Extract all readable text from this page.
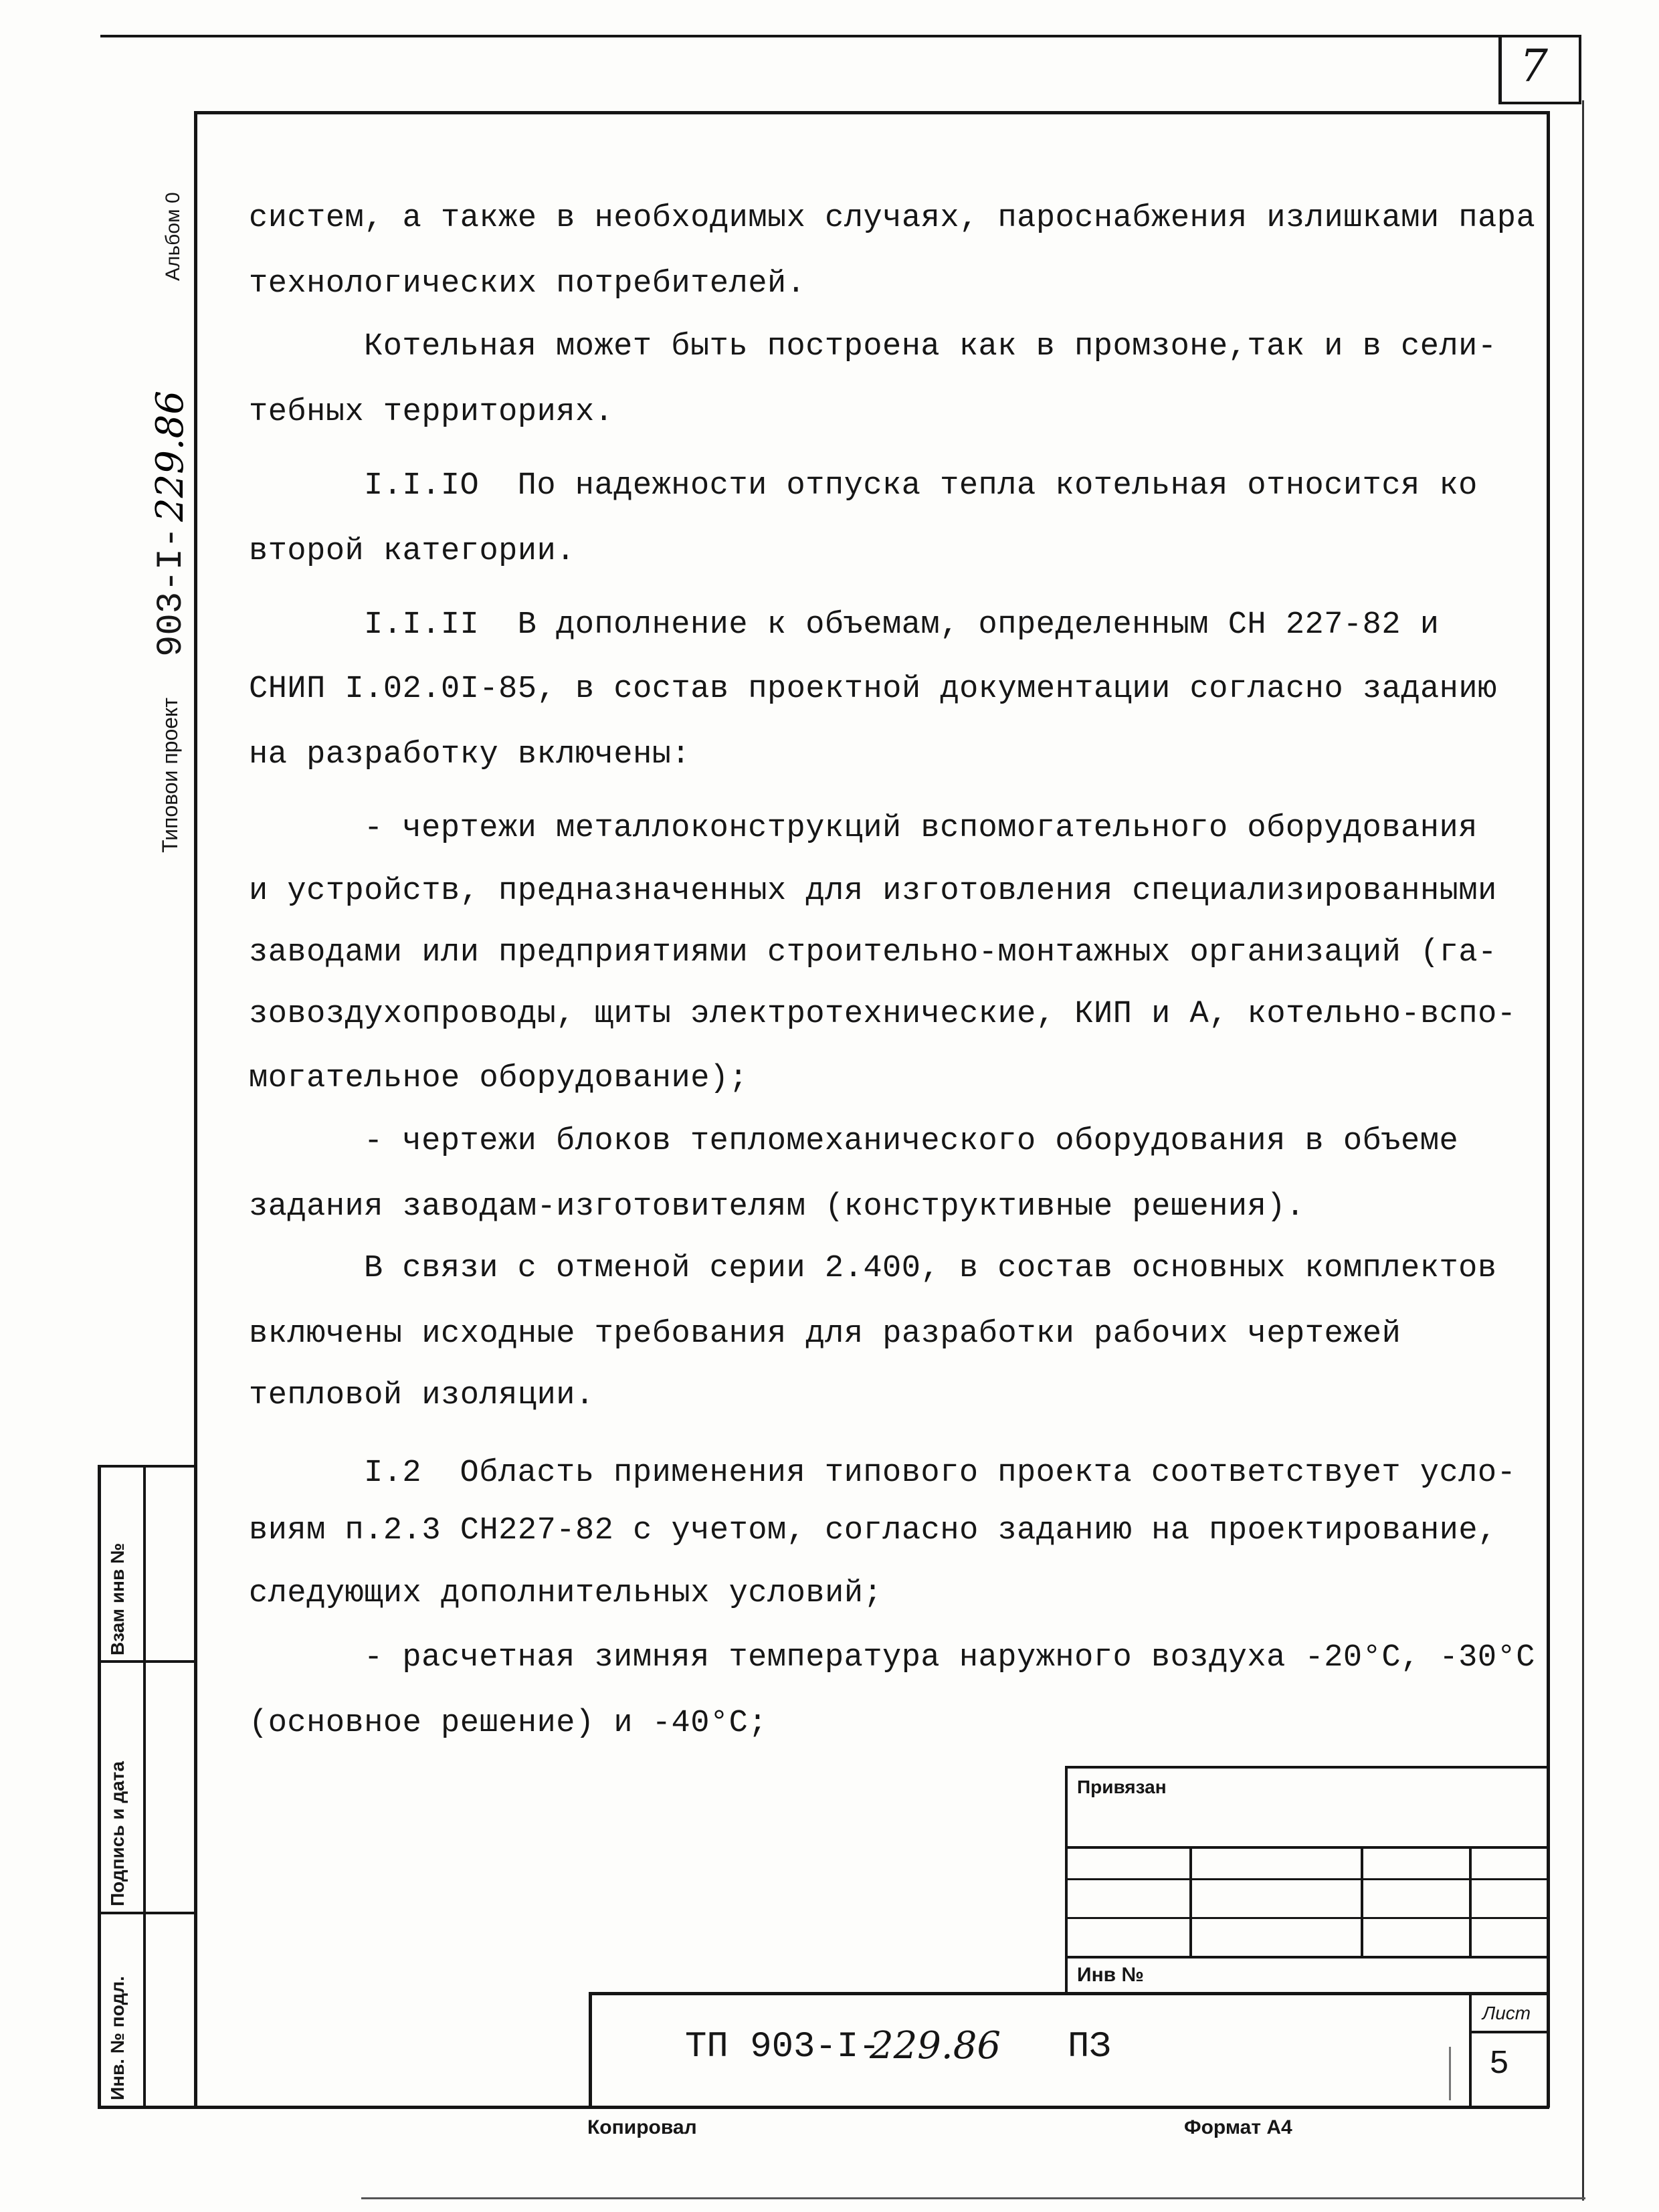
7
Альбом 0
Типовои проект
903-I-
229.86
Взам инв №
Подпись и дата
Инв. № подл.
систем, а также в необходимых случаях, пароснабжения излишками пара
технологических потребителей.
Котельная может быть построена как в промзоне,так и в сели-
тебных территориях.
I.I.IO  По надежности отпуска тепла котельная относится ко
второй категории.
I.I.II  В дополнение к объемам, определенным СН 227-82 и
СНИП I.02.0I-85, в состав проектной документации согласно заданию
на разработку включены:
- чертежи металлоконструкций вспомогательного оборудования
и устройств, предназначенных для изготовления специализированными
заводами или предприятиями строительно-монтажных организаций (га-
зовоздухопроводы, щиты электротехнические, КИП и А, котельно-вспо-
могательное оборудование);
- чертежи блоков тепломеханического оборудования в объеме
задания заводам-изготовителям (конструктивные решения).
В связи с отменой серии 2.400, в состав основных комплектов
включены исходные требования для разработки рабочих чертежей
тепловой изоляции.
I.2  Область применения типового проекта соответствует усло-
виям п.2.3 СН227-82 с учетом, согласно заданию на проектирование,
следующих дополнительных условий;
- расчетная зимняя температура наружного воздуха -20°С, -30°С
(основное решение) и -40°С;
Привязан
Инв №
ТП 903-I-
229.86 ПЗ
Лист
5
Копировал	Формат А4
